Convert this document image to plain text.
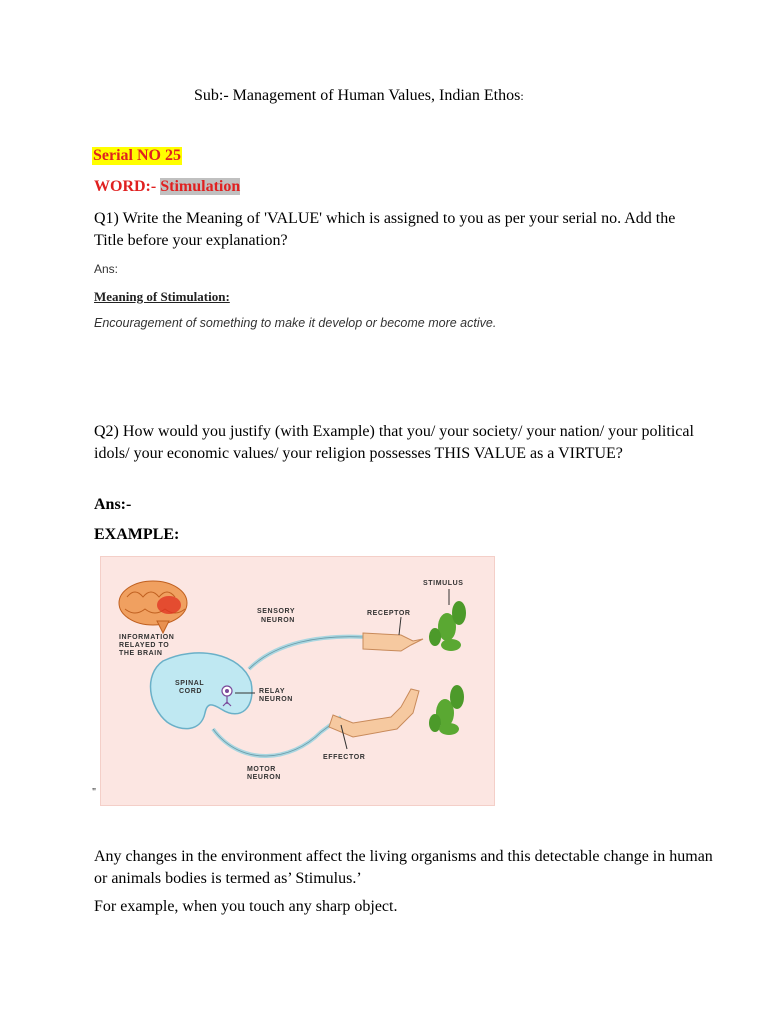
Sub:- Management of Human Values, Indian Ethos:
Serial NO 25
WORD:- Stimulation
Q1) Write the Meaning of 'VALUE' which is assigned to you as per your serial no. Add the Title before your explanation?
Ans:
Meaning of Stimulation:
Encouragement of something to make it develop or become more active.
Q2) How would you justify (with Example) that you/ your society/ your nation/ your political idols/ your economic values/ your religion possesses THIS VALUE as a VIRTUE?
Ans:-
EXAMPLE:
STIMULUS
SENSORY
NEURON
RECEPTOR
INFORMATION
RELAYED TO
THE BRAIN
SPINAL
CORD	RELAY
NEURON
EFFECTOR
MOTOR
NEURON
"
Any changes in the environment affect the living organisms and this detectable change in human or animals bodies is termed as’ Stimulus.’
For example, when you touch any sharp object.
